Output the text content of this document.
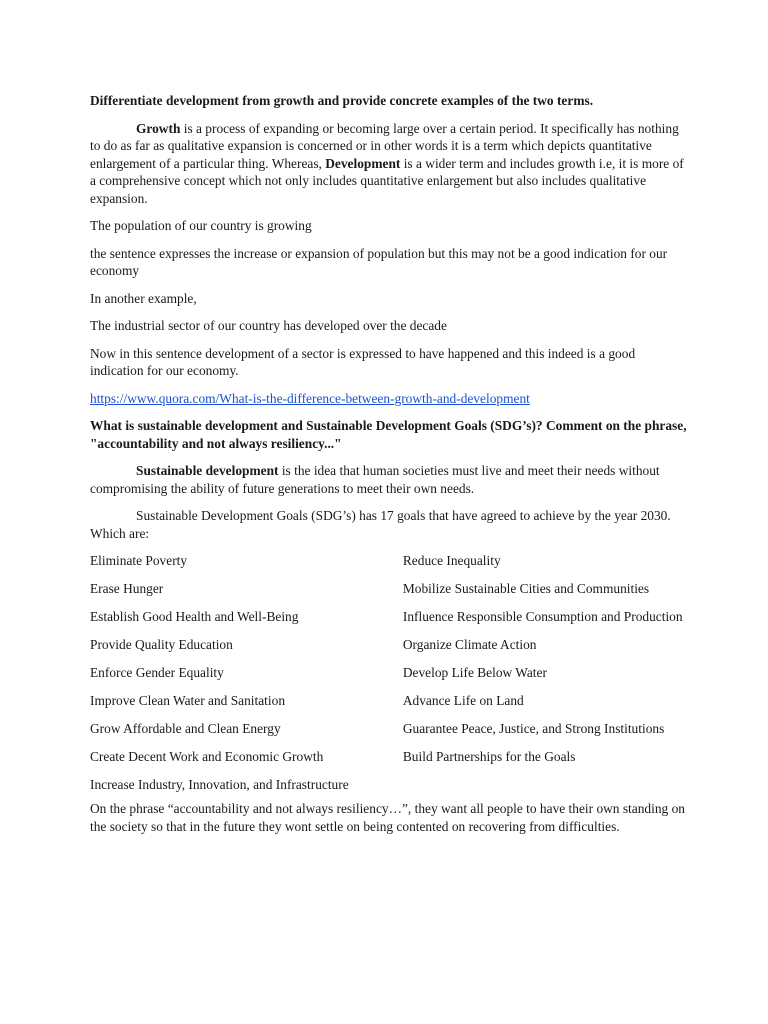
Differentiate development from growth and provide concrete examples of the two terms.

Growth is a process of expanding or becoming large over a certain period. It specifically has nothing to do as far as qualitative expansion is concerned or in other words it is a term which depicts quantitative enlargement of a particular thing. Whereas, Development is a wider term and includes growth i.e, it is more of a comprehensive concept which not only includes quantitative enlargement but also includes qualitative expansion.

The population of our country is growing

the sentence expresses the increase or expansion of population but this may not be a good indication for our economy

In another example,

The industrial sector of our country has developed over the decade

Now in this sentence development of a sector is expressed to have happened and this indeed is a good indication for our economy.

https://www.quora.com/What-is-the-difference-between-growth-and-development

What is sustainable development and Sustainable Development Goals (SDG’s)? Comment on the phrase, "accountability and not always resiliency..."

Sustainable development is the idea that human societies must live and meet their needs without compromising the ability of future generations to meet their own needs.

Sustainable Development Goals (SDG’s) has 17 goals that have agreed to achieve by the year 2030. Which are:

Eliminate Poverty
Erase Hunger
Establish Good Health and Well-Being
Provide Quality Education
Enforce Gender Equality
Improve Clean Water and Sanitation
Grow Affordable and Clean Energy
Create Decent Work and Economic Growth
Increase Industry, Innovation, and Infrastructure
Reduce Inequality
Mobilize Sustainable Cities and Communities
Influence Responsible Consumption and Production
Organize Climate Action
Develop Life Below Water
Advance Life on Land
Guarantee Peace, Justice, and Strong Institutions
Build Partnerships for the Goals

On the phrase “accountability and not always resiliency…”, they want all people to have their own standing on the society so that in the future they wont settle on being contented on recovering from difficulties.
